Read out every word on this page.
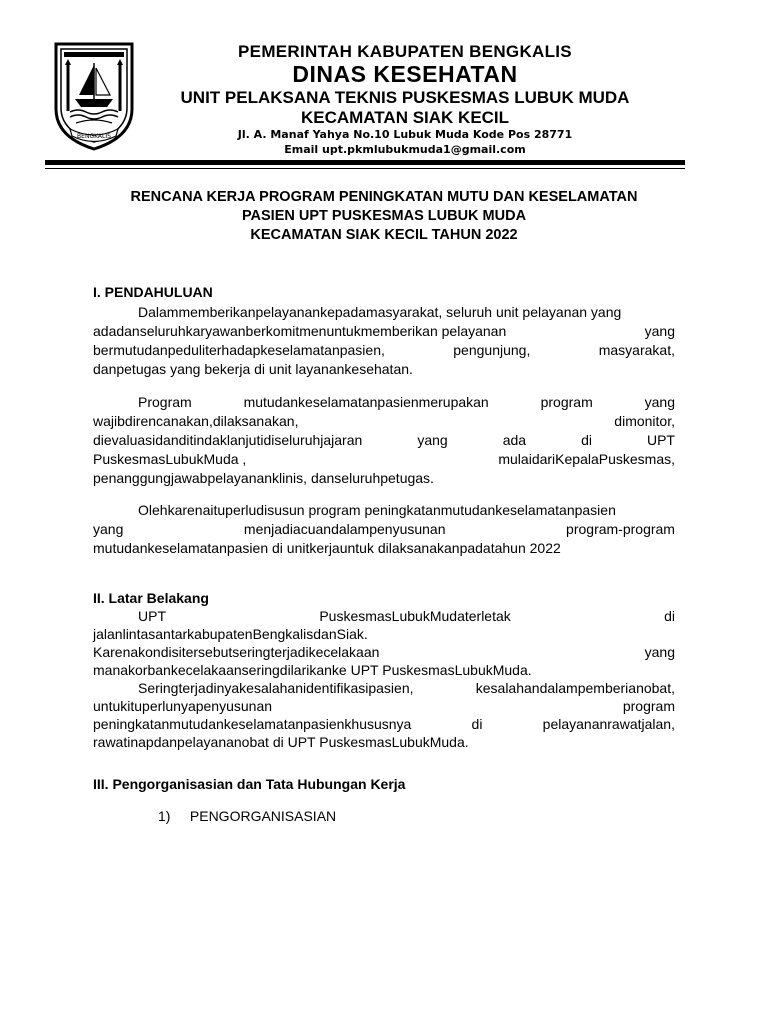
BENGKALIS
PEMERINTAH KABUPATEN BENGKALIS
DINAS KESEHATAN
UNIT PELAKSANA TEKNIS PUSKESMAS LUBUK MUDA
KECAMATAN SIAK KECIL
Jl. A. Manaf Yahya No.10 Lubuk Muda Kode Pos 28771
Email upt.pkmlubukmuda1@gmail.com
RENCANA KERJA PROGRAM PENINGKATAN MUTU DAN KESELAMATAN
PASIEN UPT PUSKESMAS LUBUK MUDA
KECAMATAN SIAK KECIL TAHUN 2022
I. PENDAHULUAN
Dalammemberikanpelayanankepadamasyarakat, seluruh unit pelayanan yang
adadanseluruhkaryawanberkomitmenuntukmemberikan pelayanan	yang
bermutudanpeduliterhadapkeselamatanpasien,	pengunjung,	masyarakat,
danpetugas yang bekerja di unit layanankesehatan.
Program	mutudankeselamatanpasienmerupakan	program	yang
wajibdirencanakan,dilaksanakan,	dimonitor,
dievaluasidanditindaklanjutidiseluruhjajaran	yang	ada	di	UPT
PuskesmasLubukMuda ,	mulaidariKepalaPuskesmas,
penanggungjawabpelayananklinis, danseluruhpetugas.
Olehkarenaituperludisusun program peningkatanmutudankeselamatanpasien
yang	menjadiacuandalampenyusunan	program-program
mutudankeselamatanpasien di unitkerjauntuk dilaksanakanpadatahun 2022
II. Latar Belakang
UPT	PuskesmasLubukMudaterletak	di
jalanlintasantarkabupatenBengkalisdanSiak.
Karenakondisitersebutseringterjadikecelakaan	yang
manakorbankecelakaanseringdilarikanke UPT PuskesmasLubukMuda.
Seringterjadinyakesalahanidentifikasipasien,	kesalahandalampemberianobat,
untukituperlunyapenyusunan	program
peningkatanmutudankeselamatanpasienkhususnya	di	pelayananrawatjalan,
rawatinapdanpelayananobat di UPT PuskesmasLubukMuda.
III. Pengorganisasian dan Tata Hubungan Kerja
1) PENGORGANISASIAN
